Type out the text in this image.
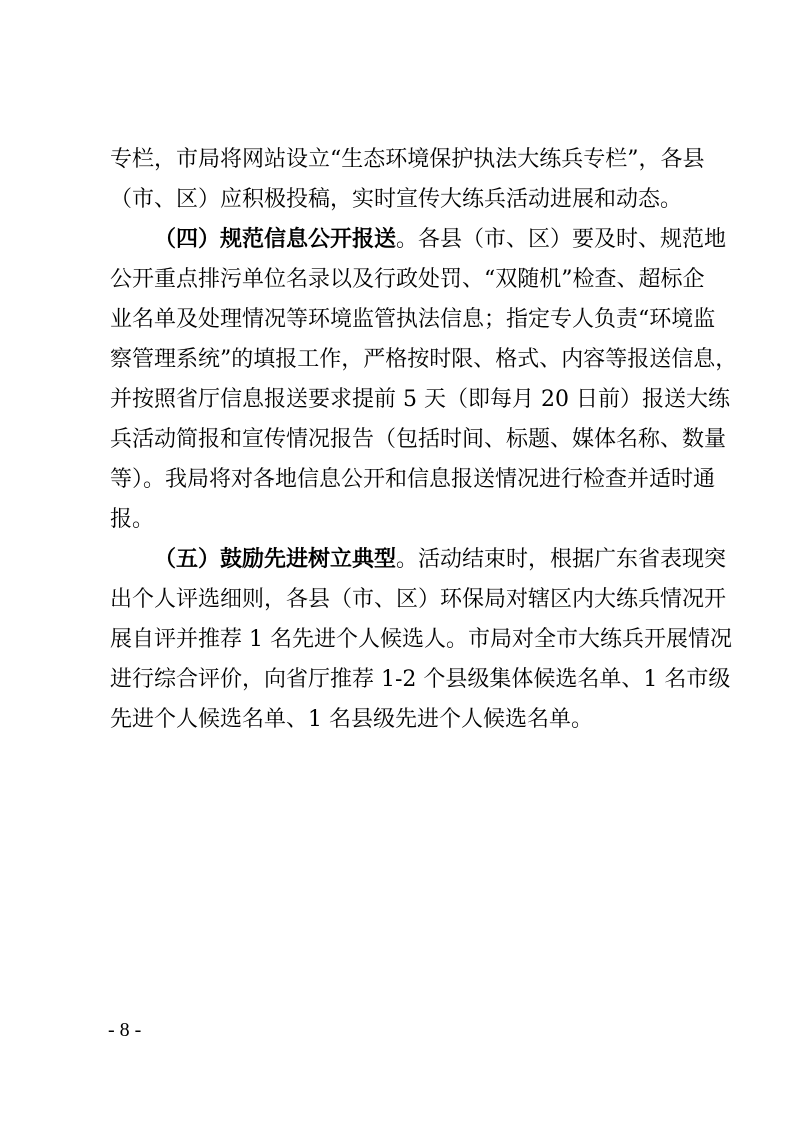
专栏，市局将网站设立“生态环境保护执法大练兵专栏”，各县
（市、区）应积极投稿，实时宣传大练兵活动进展和动态。
（四）规范信息公开报送。各县（市、区）要及时、规范地
公开重点排污单位名录以及行政处罚、“双随机”检查、超标企
业名单及处理情况等环境监管执法信息；指定专人负责“环境监
察管理系统”的填报工作，严格按时限、格式、内容等报送信息，
并按照省厅信息报送要求提前 5 天（即每月 20 日前）报送大练
兵活动简报和宣传情况报告（包括时间、标题、媒体名称、数量
等）。我局将对各地信息公开和信息报送情况进行检查并适时通
报。
（五）鼓励先进树立典型。活动结束时，根据广东省表现突
出个人评选细则，各县（市、区）环保局对辖区内大练兵情况开
展自评并推荐 1 名先进个人候选人。市局对全市大练兵开展情况
进行综合评价，向省厅推荐 1-2 个县级集体候选名单、1 名市级
先进个人候选名单、1 名县级先进个人候选名单。
- 8 -
